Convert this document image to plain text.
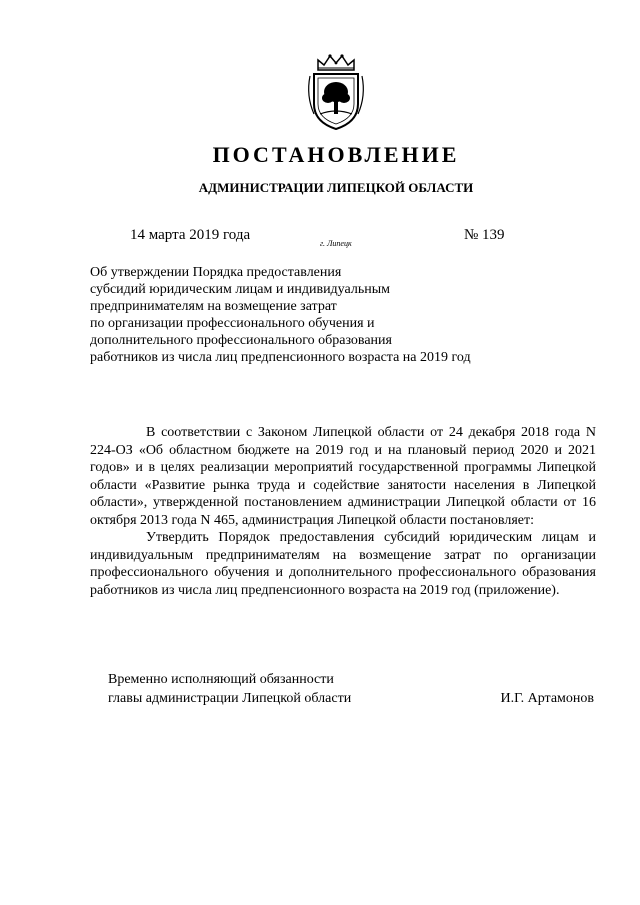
ПОСТАНОВЛЕНИЕ
АДМИНИСТРАЦИИ ЛИПЕЦКОЙ ОБЛАСТИ
14 марта 2019 года
г. Липецк
№ 139
Об утверждении Порядка предоставления
субсидий юридическим лицам и индивидуальным
предпринимателям на возмещение затрат
по организации профессионального обучения и
дополнительного профессионального образования
работников из числа лиц предпенсионного возраста на 2019 год

В соответствии с Законом Липецкой области от 24 декабря 2018 года N 224-ОЗ «Об областном бюджете на 2019 год и на плановый период 2020 и 2021 годов» и в целях реализации мероприятий государственной программы Липецкой области «Развитие рынка труда и содействие занятости населения в Липецкой области», утвержденной постановлением администрации Липецкой области от 16 октября 2013 года N 465, администрация Липецкой области постановляет:

Утвердить Порядок предоставления субсидий юридическим лицам и индивидуальным предпринимателям на возмещение затрат по организации профессионального обучения и дополнительного профессионального образования работников из числа лиц предпенсионного возраста на 2019 год (приложение).

Временно исполняющий обязанности
главы администрации Липецкой области	И.Г. Артамонов
